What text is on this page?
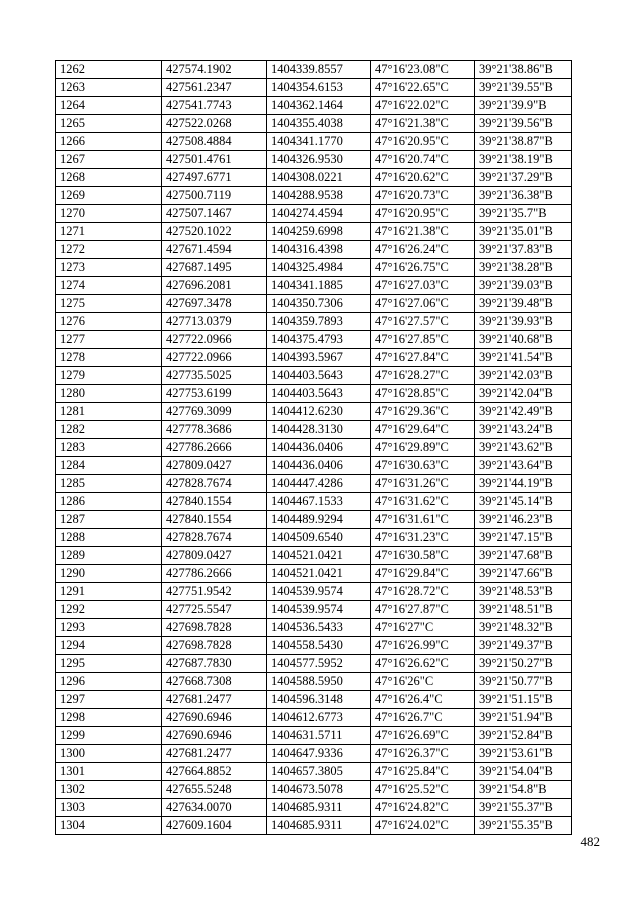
1262	427574.1902	1404339.8557	47°16'23.08"С	39°21'38.86"В
1263	427561.2347	1404354.6153	47°16'22.65"С	39°21'39.55"В
1264	427541.7743	1404362.1464	47°16'22.02"С	39°21'39.9"В
1265	427522.0268	1404355.4038	47°16'21.38"С	39°21'39.56"В
1266	427508.4884	1404341.1770	47°16'20.95"С	39°21'38.87"В
1267	427501.4761	1404326.9530	47°16'20.74"С	39°21'38.19"В
1268	427497.6771	1404308.0221	47°16'20.62"С	39°21'37.29"В
1269	427500.7119	1404288.9538	47°16'20.73"С	39°21'36.38"В
1270	427507.1467	1404274.4594	47°16'20.95"С	39°21'35.7"В
1271	427520.1022	1404259.6998	47°16'21.38"С	39°21'35.01"В
1272	427671.4594	1404316.4398	47°16'26.24"С	39°21'37.83"В
1273	427687.1495	1404325.4984	47°16'26.75"С	39°21'38.28"В
1274	427696.2081	1404341.1885	47°16'27.03"С	39°21'39.03"В
1275	427697.3478	1404350.7306	47°16'27.06"С	39°21'39.48"В
1276	427713.0379	1404359.7893	47°16'27.57"С	39°21'39.93"В
1277	427722.0966	1404375.4793	47°16'27.85"С	39°21'40.68"В
1278	427722.0966	1404393.5967	47°16'27.84"С	39°21'41.54"В
1279	427735.5025	1404403.5643	47°16'28.27"С	39°21'42.03"В
1280	427753.6199	1404403.5643	47°16'28.85"С	39°21'42.04"В
1281	427769.3099	1404412.6230	47°16'29.36"С	39°21'42.49"В
1282	427778.3686	1404428.3130	47°16'29.64"С	39°21'43.24"В
1283	427786.2666	1404436.0406	47°16'29.89"С	39°21'43.62"В
1284	427809.0427	1404436.0406	47°16'30.63"С	39°21'43.64"В
1285	427828.7674	1404447.4286	47°16'31.26"С	39°21'44.19"В
1286	427840.1554	1404467.1533	47°16'31.62"С	39°21'45.14"В
1287	427840.1554	1404489.9294	47°16'31.61"С	39°21'46.23"В
1288	427828.7674	1404509.6540	47°16'31.23"С	39°21'47.15"В
1289	427809.0427	1404521.0421	47°16'30.58"С	39°21'47.68"В
1290	427786.2666	1404521.0421	47°16'29.84"С	39°21'47.66"В
1291	427751.9542	1404539.9574	47°16'28.72"С	39°21'48.53"В
1292	427725.5547	1404539.9574	47°16'27.87"С	39°21'48.51"В
1293	427698.7828	1404536.5433	47°16'27"С	39°21'48.32"В
1294	427698.7828	1404558.5430	47°16'26.99"С	39°21'49.37"В
1295	427687.7830	1404577.5952	47°16'26.62"С	39°21'50.27"В
1296	427668.7308	1404588.5950	47°16'26"С	39°21'50.77"В
1297	427681.2477	1404596.3148	47°16'26.4"С	39°21'51.15"В
1298	427690.6946	1404612.6773	47°16'26.7"С	39°21'51.94"В
1299	427690.6946	1404631.5711	47°16'26.69"С	39°21'52.84"В
1300	427681.2477	1404647.9336	47°16'26.37"С	39°21'53.61"В
1301	427664.8852	1404657.3805	47°16'25.84"С	39°21'54.04"В
1302	427655.5248	1404673.5078	47°16'25.52"С	39°21'54.8"В
1303	427634.0070	1404685.9311	47°16'24.82"С	39°21'55.37"В
1304	427609.1604	1404685.9311	47°16'24.02"С	39°21'55.35"В
482
